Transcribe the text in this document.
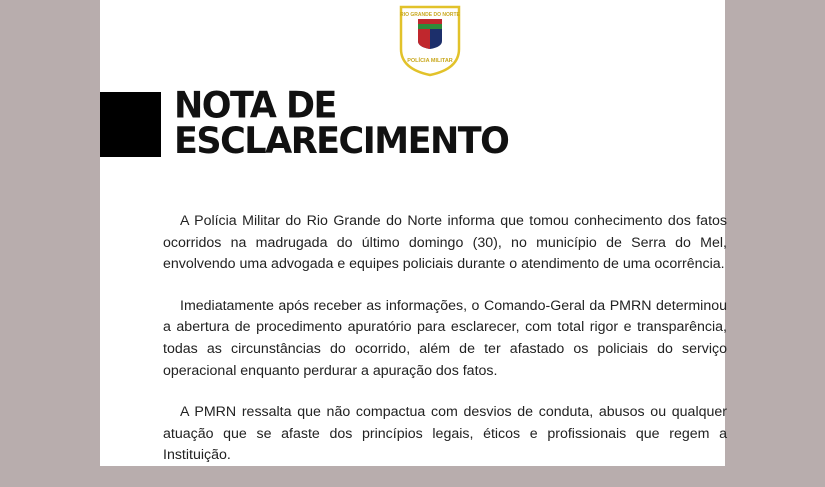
RIO GRANDE DO NORTE
POLÍCIA MILITAR
NOTA DE
ESCLARECIMENTO

A Polícia Militar do Rio Grande do Norte informa que tomou conhecimento dos fatos ocorridos na madrugada do último domingo (30), no município de Serra do Mel, envolvendo uma advogada e equipes policiais durante o atendimento de uma ocorrência.

Imediatamente após receber as informações, o Comando-Geral da PMRN determinou a abertura de procedimento apuratório para esclarecer, com total rigor e transparência, todas as circunstâncias do ocorrido, além de ter afastado os policiais do serviço operacional enquanto perdurar a apuração dos fatos.

A PMRN ressalta que não compactua com desvios de conduta, abusos ou qualquer atuação que se afaste dos princípios legais, éticos e profissionais que regem a Instituição.
